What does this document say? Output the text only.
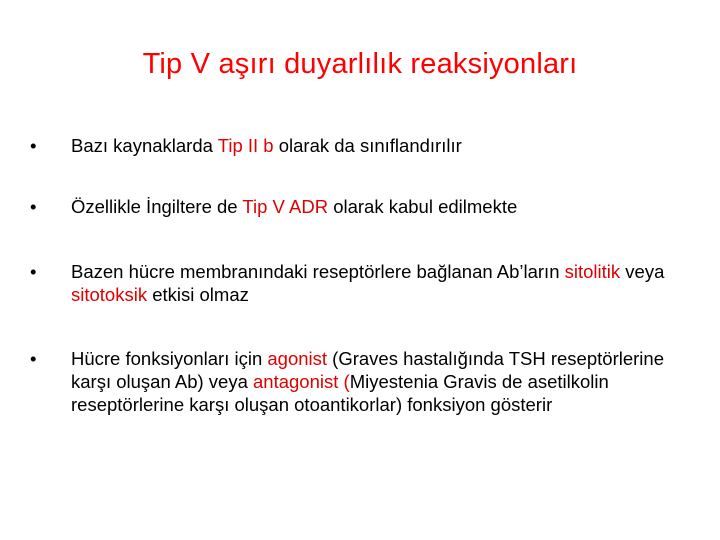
Tip V aşırı duyarlılık reaksiyonları
•	Bazı kaynaklarda Tip II b olarak da sınıflandırılır
•	Özellikle İngiltere de Tip V ADR olarak kabul edilmekte
•	Bazen hücre membranındaki reseptörlere bağlanan Ab’ların sitolitik veya sitotoksik etkisi olmaz
•	Hücre fonksiyonları için agonist (Graves hastalığında TSH reseptörlerine karşı oluşan Ab) veya antagonist (Miyestenia Gravis de asetilkolin reseptörlerine karşı oluşan otoantikorlar) fonksiyon gösterir
